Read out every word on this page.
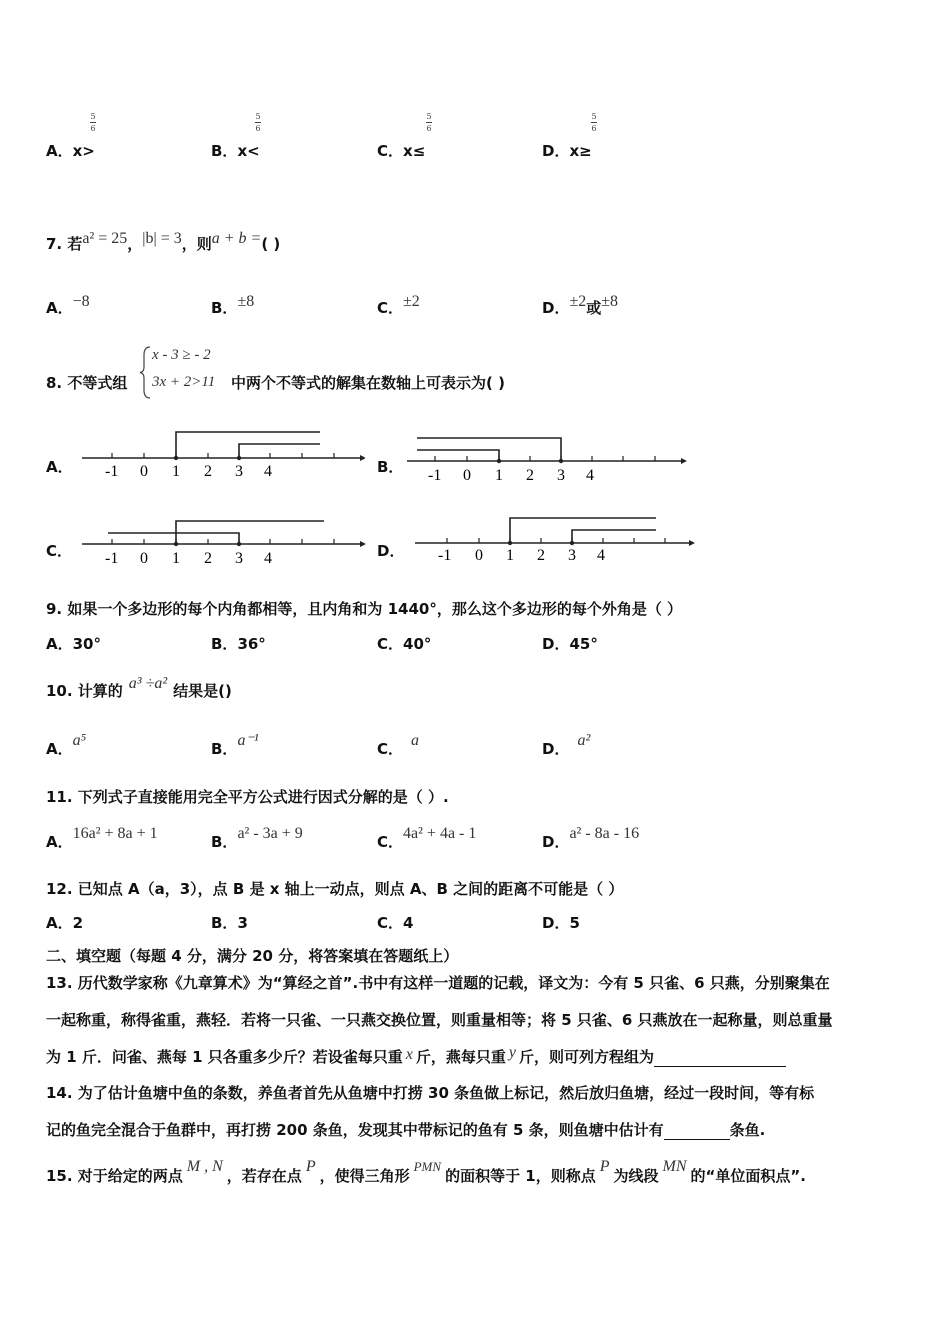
A．x>
5
6
B．x<
5
6
C．x≤
5
6
D．x≥
5
6
7. 若a² = 25，|b| = 3，则a + b =( )
A．−8	B．±8	C．±2	D．±2或±8
8. 不等式组
x - 3 ≥ - 2
3x + 2>11 中两个不等式的解集在数轴上可表示为( )
A．	B．
C．	D．
-1 0 1 2 3 4	-1 0 1 2 3 4
-1 0 1 2 3 4	-1 0 1 2 3 4
9. 如果一个多边形的每个内角都相等，且内角和为 1440°，那么这个多边形的每个外角是（ ）
A．30°	B．36°	C．40°	D．45°
10. 计算的 a³ ÷a² 结果是()
A．a⁵	B．a⁻¹	C． a	D． a²
11. 下列式子直接能用完全平方公式进行因式分解的是（ ）.
A．16a² + 8a + 1	B．a² - 3a + 9	C．4a² + 4a - 1	D．a² - 8a - 16
12. 已知点 A（a，3），点 B 是 x 轴上一动点，则点 A、B 之间的距离不可能是（ ）
A．2	B．3	C．4	D．5
二、填空题（每题 4 分，满分 20 分，将答案填在答题纸上）
13. 历代数学家称《九章算术》为“算经之首”.书中有这样一道题的记载，译文为：今有 5 只雀、6 只燕，分别聚集在
一起称重，称得雀重，燕轻．若将一只雀、一只燕交换位置，则重量相等；将 5 只雀、6 只燕放在一起称量，则总重量
为 1 斤．问雀、燕每 1 只各重多少斤？若设雀每只重 x 斤，燕每只重 y 斤，则可列方程组为
14. 为了估计鱼塘中鱼的条数，养鱼者首先从鱼塘中打捞 30 条鱼做上标记，然后放归鱼塘，经过一段时间，等有标
记的鱼完全混合于鱼群中，再打捞 200 条鱼，发现其中带标记的鱼有 5 条，则鱼塘中估计有	条鱼.
15. 对于给定的两点M , N，若存在点P，使得三角形PMN的面积等于 1，则称点P为线段MN的“单位面积点”.
